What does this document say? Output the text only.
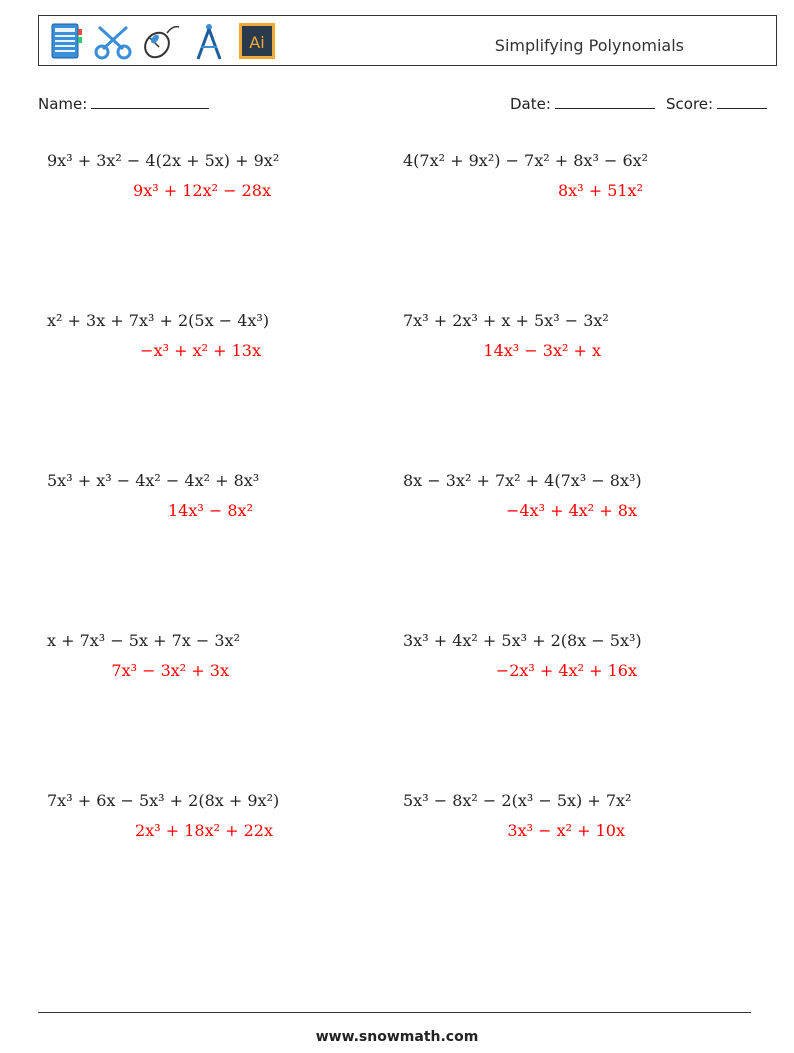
Ai	Simplifying Polynomials
Name:	Date:	Score:
9x³ + 3x² − 4(2x + 5x) + 9x²
9x³ + 12x² − 28x
4(7x² + 9x²) − 7x² + 8x³ − 6x²
8x³ + 51x²
x² + 3x + 7x³ + 2(5x − 4x³)
−x³ + x² + 13x
7x³ + 2x³ + x + 5x³ − 3x²
14x³ − 3x² + x
5x³ + x³ − 4x² − 4x² + 8x³
14x³ − 8x²
8x − 3x² + 7x² + 4(7x³ − 8x³)
−4x³ + 4x² + 8x
x + 7x³ − 5x + 7x − 3x²
7x³ − 3x² + 3x
3x³ + 4x² + 5x³ + 2(8x − 5x³)
−2x³ + 4x² + 16x
7x³ + 6x − 5x³ + 2(8x + 9x²)
2x³ + 18x² + 22x
5x³ − 8x² − 2(x³ − 5x) + 7x²
3x³ − x² + 10x
www.snowmath.com
